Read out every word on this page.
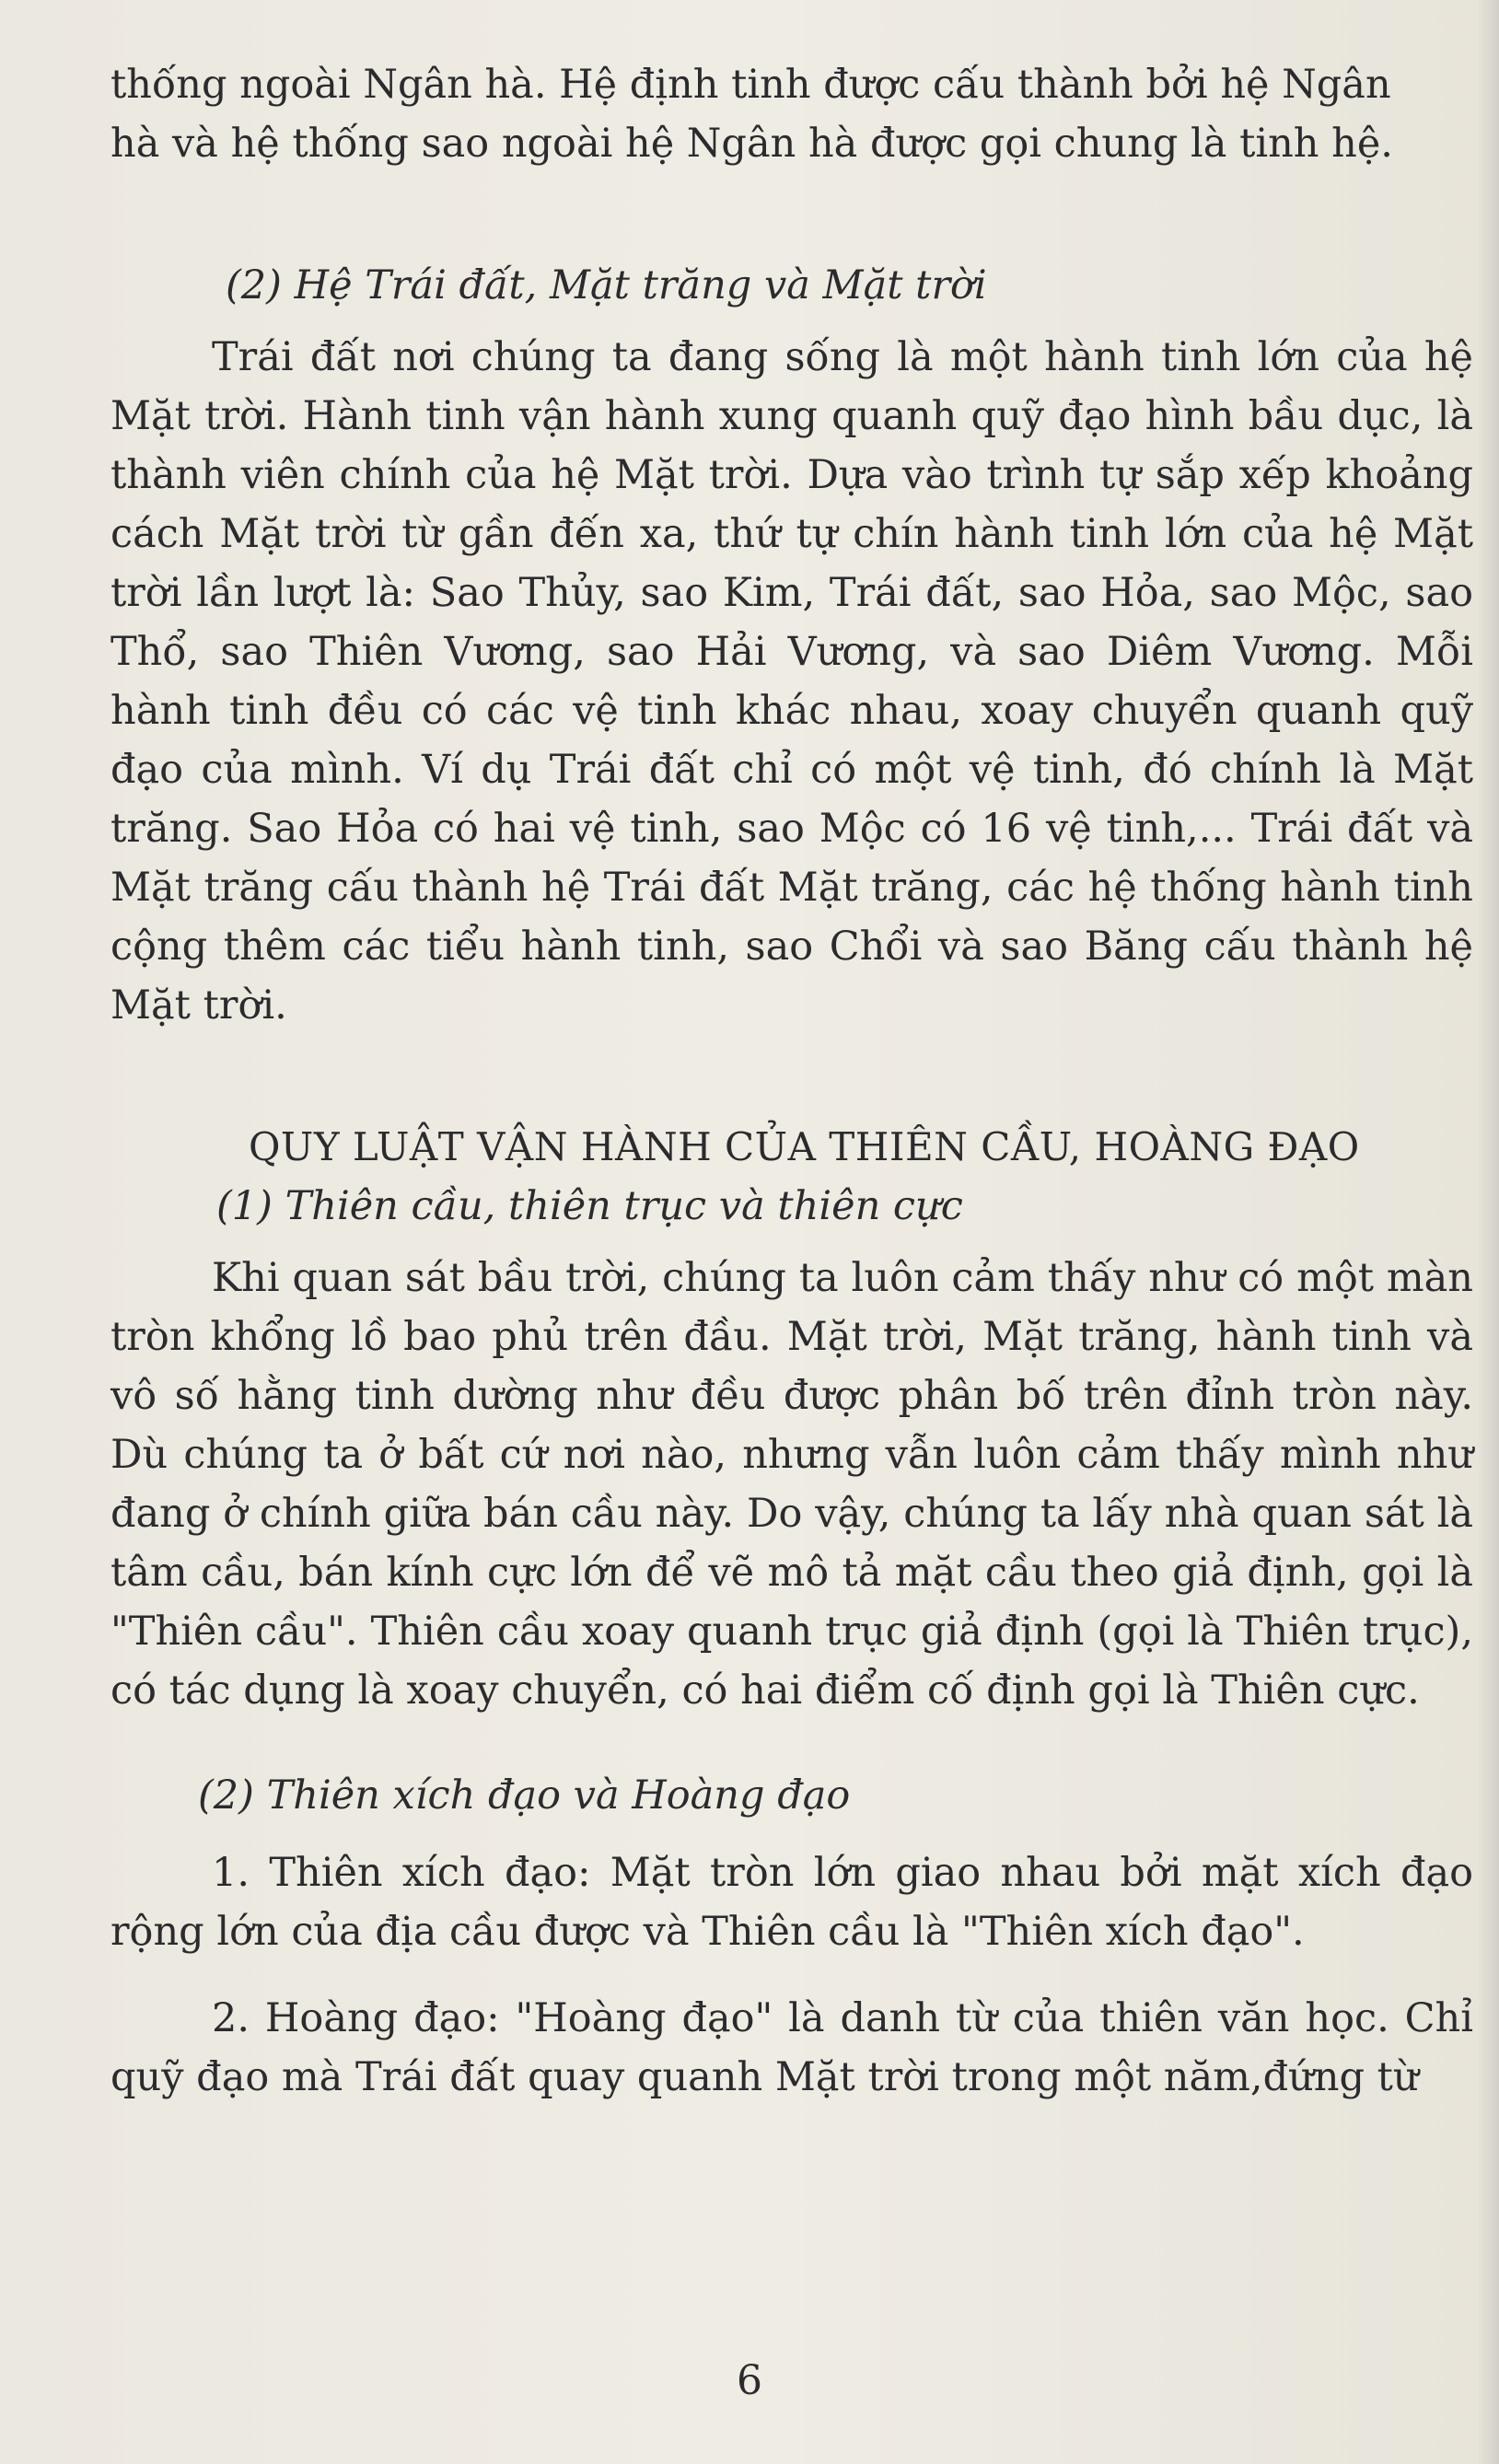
thống ngoài Ngân hà. Hệ định tinh được cấu thành bởi hệ Ngân

hà và hệ thống sao ngoài hệ Ngân hà được gọi chung là tinh hệ.

(2) Hệ Trái đất, Mặt trăng và Mặt trời

Trái đất nơi chúng ta đang sống là một hành tinh lớn của hệ Mặt trời. Hành tinh vận hành xung quanh quỹ đạo hình bầu dục, là thành viên chính của hệ Mặt trời. Dựa vào trình tự sắp xếp khoảng cách Mặt trời từ gần đến xa, thứ tự chín hành tinh lớn của hệ Mặt trời lần lượt là: Sao Thủy, sao Kim, Trái đất, sao Hỏa, sao Mộc, sao Thổ, sao Thiên Vương, sao Hải Vương, và sao Diêm Vương. Mỗi hành tinh đều có các vệ tinh khác nhau, xoay chuyển quanh quỹ đạo của mình. Ví dụ Trái đất chỉ có một vệ tinh, đó chính là Mặt trăng. Sao Hỏa có hai vệ tinh, sao Mộc có 16 vệ tinh,... Trái đất và Mặt trăng cấu thành hệ Trái đất Mặt trăng, các hệ thống hành tinh cộng thêm các tiểu hành tinh, sao Chổi và sao Băng cấu thành hệ Mặt trời.

QUY LUẬT VẬN HÀNH CỦA THIÊN CẦU, HOÀNG ĐẠO

(1) Thiên cầu, thiên trục và thiên cực

Khi quan sát bầu trời, chúng ta luôn cảm thấy như có một màn tròn khổng lồ bao phủ trên đầu. Mặt trời, Mặt trăng, hành tinh và vô số hằng tinh dường như đều được phân bố trên đỉnh tròn này. Dù chúng ta ở bất cứ nơi nào, nhưng vẫn luôn cảm thấy mình như đang ở chính giữa bán cầu này. Do vậy, chúng ta lấy nhà quan sát là tâm cầu, bán kính cực lớn để vẽ mô tả mặt cầu theo giả định, gọi là "Thiên cầu". Thiên cầu xoay quanh trục giả định (gọi là Thiên trục), có tác dụng là xoay chuyển, có hai điểm cố định gọi là Thiên cực.

(2) Thiên xích đạo và Hoàng đạo

1. Thiên xích đạo: Mặt tròn lớn giao nhau bởi mặt xích đạo rộng lớn của địa cầu được và Thiên cầu là "Thiên xích đạo".

2. Hoàng đạo: "Hoàng đạo" là danh từ của thiên văn học. Chỉ quỹ đạo mà Trái đất quay quanh Mặt trời trong một năm,đứng từ

6
